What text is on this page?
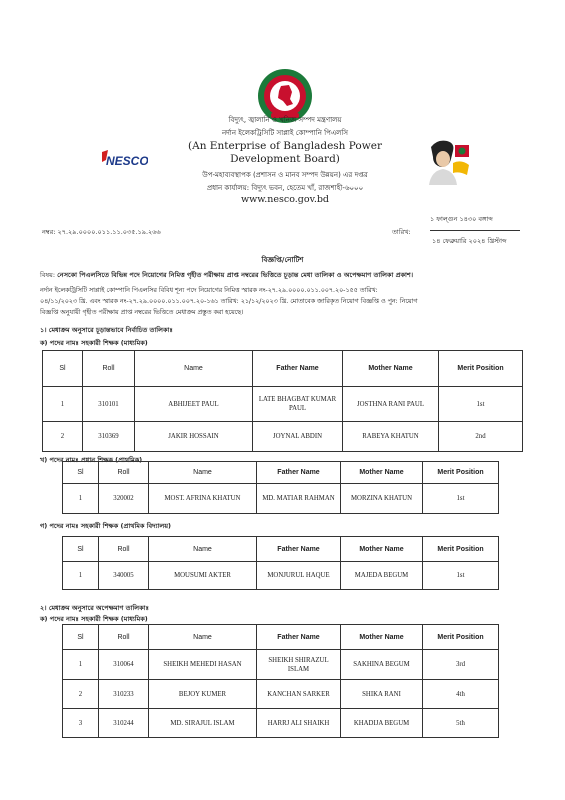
NESCO
বিদ্যুৎ, জ্বালানি ও খনিজ সম্পদ মন্ত্রণালয়
নর্দান ইলেকট্রিসিটি সাপ্লাই কোম্পানি পিএলসি
(An Enterprise of Bangladesh Power
Development Board)
উপ-মহাব্যবস্থাপক (প্রশাসন ও মানব সম্পদ উন্নয়ন) এর দপ্তর
প্রধান কার্যালয়: বিদ্যুৎ ভবন, হেতেম খাঁ, রাজশাহী-৬০০০
www.nesco.gov.bd
নম্বর: ২৭.২৯.০০০০.০১১.১১.০৩৫.১৯.২৬৬
১ ফাল্গুন ১৪৩০ বঙ্গাব্দ
তারিখ:
১৪ ফেব্রুয়ারি ২০২৪ খ্রিস্টাব্দ
বিজ্ঞপ্তি/নোটিশ
বিষয়: নেসকো পিএলসিতে বিভিন্ন পদে নিয়োগের নিমিত্ত গৃহীত পরীক্ষায় প্রাপ্ত নম্বরের ভিত্তিতে চূড়ান্ত মেধা তালিকা ও অপেক্ষমাণ তালিকা প্রকাশ।
নর্দান ইলেকট্রিসিটি সাপ্লাই কোম্পানি পিএলসির বিবিধ শূন্য পদে নিয়োগের নিমিত্ত স্মারক নং-২৭.২৯.০০০০.০১১.০০৭.২০-১৫৫ তারিখ:
০৪/১১/২০২৩ খ্রি. এবং স্মারক নং-২৭.২৯.০০০০.০১১.০০৭.২০-১৬১ তারিখ: ২১/১২/২০২৩ খ্রি. মোতাবেক জারিকৃত নিয়োগ বিজ্ঞপ্তি ও পুন: নিয়োগ
বিজ্ঞপ্তি অনুযায়ী গৃহীত পরীক্ষায় প্রাপ্ত নম্বরের ভিত্তিতে মেধাক্রম প্রস্তুত করা হয়েছে।
১। মেধাক্রম অনুসারে চূড়ান্তভাবে নির্বাচিত তালিকাঃ
ক) পদের নামঃ সহকারী শিক্ষক (মাধ্যমিক)
Sl	Roll	Name	Father Name	Mother Name	Merit Position
1	310101	ABHIJEET PAUL	LATE BHAGBAT KUMAR PAUL	JOSTHNA RANI PAUL	1st
2	310369	JAKIR HOSSAIN	JOYNAL ABDIN	RABEYA KHATUN	2nd
খ) পদের নামঃ প্রধান শিক্ষক (প্রাথমিক)
Sl	Roll	Name	Father Name	Mother Name	Merit Position
1	320002	MOST. AFRINA KHATUN	MD. MATIAR RAHMAN	MORZINA KHATUN	1st
গ) পদের নামঃ সহকারী শিক্ষক (প্রাথমিক বিদ্যালয়)
Sl	Roll	Name	Father Name	Mother Name	Merit Position
1	340005	MOUSUMI AKTER	MONJURUL HAQUE	MAJEDA BEGUM	1st
২। মেধাক্রম অনুসারে অপেক্ষমাণ তালিকাঃ
ক) পদের নামঃ সহকারী শিক্ষক (মাধ্যমিক)
Sl	Roll	Name	Father Name	Mother Name	Merit Position
1	310064	SHEIKH MEHEDI HASAN	SHEIKH SHIRAZUL ISLAM	SAKHINA BEGUM	3rd
2	310233	BEJOY KUMER	KANCHAN SARKER	SHIKA RANI	4th
3	310244	MD. SIRAJUL ISLAM	HARRJ ALI SHAIKH	KHADIJA BEGUM	5th
